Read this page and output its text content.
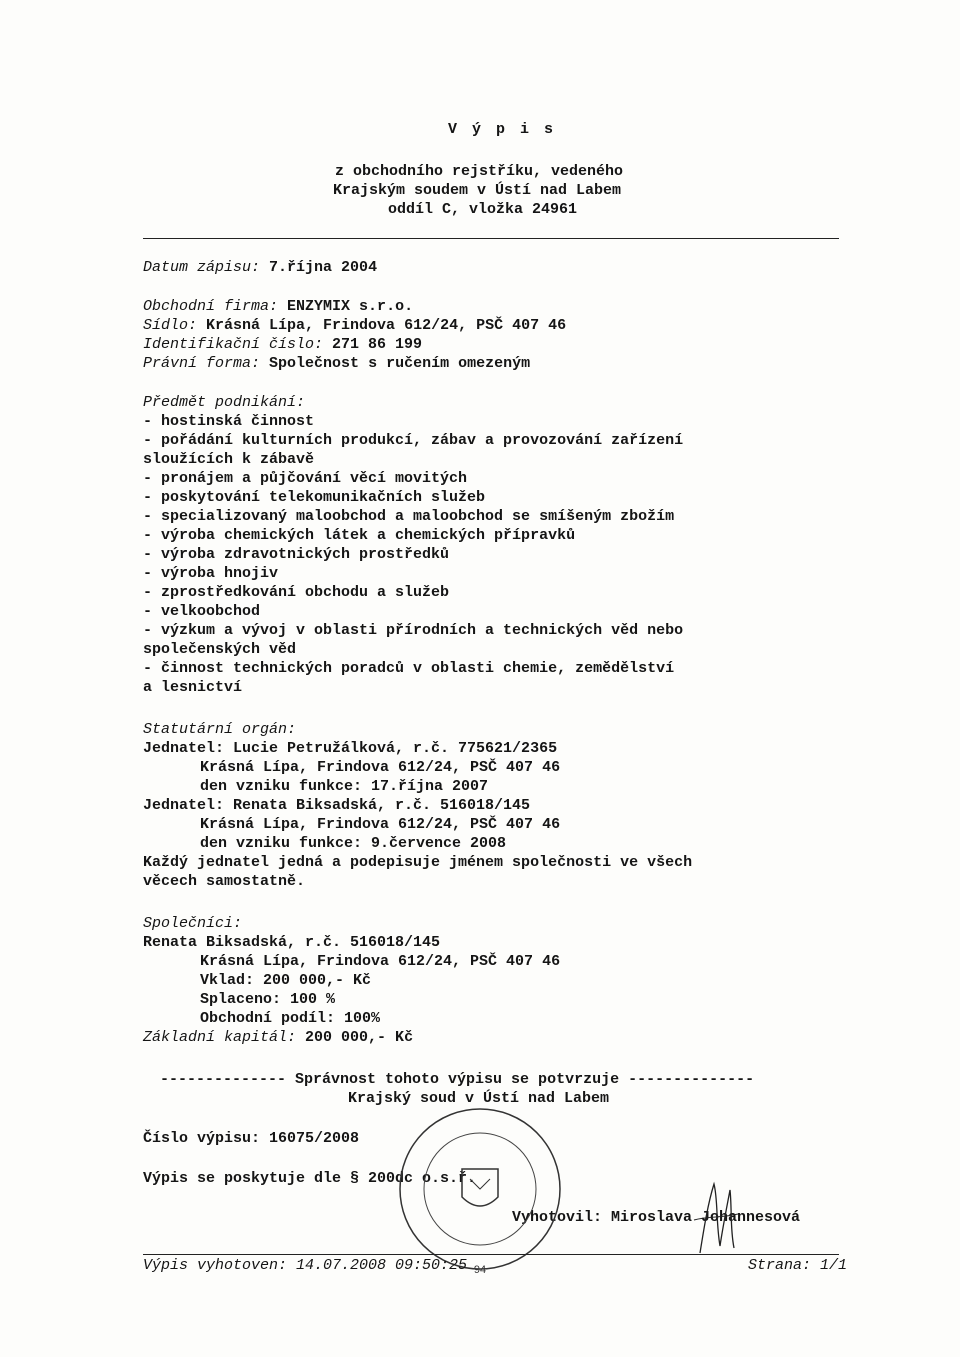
V ý p i s
z obchodního rejstříku, vedeného
Krajským soudem v Ústí nad Labem
oddíl C, vložka 24961
Datum zápisu: 7.října 2004
Obchodní firma: ENZYMIX s.r.o.
Sídlo: Krásná Lípa, Frindova 612/24, PSČ 407 46
Identifikační číslo: 271 86 199
Právní forma: Společnost s ručením omezeným
Předmět podnikání:
- hostinská činnost
- pořádání kulturních produkcí, zábav a provozování zařízení
sloužících k zábavě
- pronájem a půjčování věcí movitých
- poskytování telekomunikačních služeb
- specializovaný maloobchod a maloobchod se smíšeným zbožím
- výroba chemických látek a chemických přípravků
- výroba zdravotnických prostředků
- výroba hnojiv
- zprostředkování obchodu a služeb
- velkoobchod
- výzkum a vývoj v oblasti přírodních a technických věd nebo
společenských věd
- činnost technických poradců v oblasti chemie, zemědělství
a lesnictví
Statutární orgán:
Jednatel: Lucie Petružálková, r.č. 775621/2365
Krásná Lípa, Frindova 612/24, PSČ 407 46
den vzniku funkce: 17.října 2007
Jednatel: Renata Biksadská, r.č. 516018/145
Krásná Lípa, Frindova 612/24, PSČ 407 46
den vzniku funkce: 9.července 2008
Každý jednatel jedná a podepisuje jménem společnosti ve všech
věcech samostatně.
Společníci:
Renata Biksadská, r.č. 516018/145
Krásná Lípa, Frindova 612/24, PSČ 407 46
Vklad: 200 000,- Kč
Splaceno: 100 %
Obchodní podíl: 100%
Základní kapitál: 200 000,- Kč
-------------- Správnost tohoto výpisu se potvrzuje --------------
Krajský soud v Ústí nad Labem
Číslo výpisu: 16075/2008
Výpis se poskytuje dle § 200dc o.s.ř.
Vyhotovil: Miroslava Johannesová
94
Výpis vyhotoven: 14.07.2008 09:50:25	Strana: 1/1
